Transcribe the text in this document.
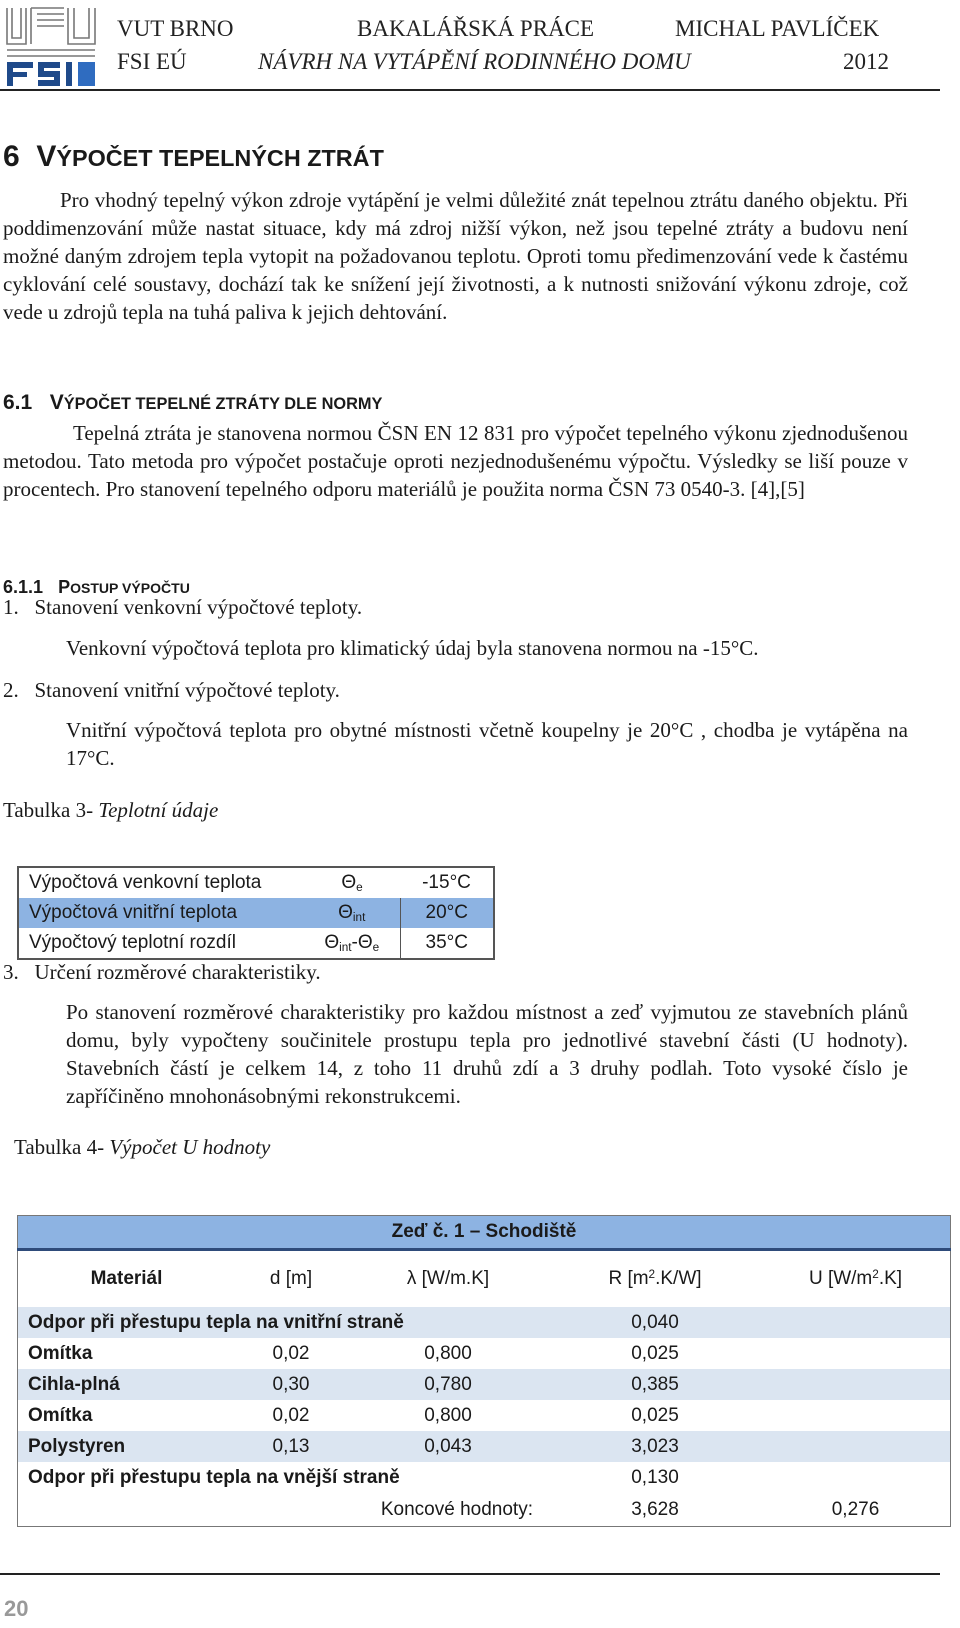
VUT BRNO
FSI EÚ
BAKALÁŘSKÁ PRÁCE
NÁVRH NA VYTÁPĚNÍ RODINNÉHO DOMU
MICHAL PAVLÍČEK
2012
6 VÝPOČET TEPELNÝCH ZTRÁT

Pro vhodný tepelný výkon zdroje vytápění je velmi důležité znát tepelnou ztrátu daného objektu. Při poddimenzování může nastat situace, kdy má zdroj nižší výkon, než jsou tepelné ztráty a budovu není možné daným zdrojem tepla vytopit na požadovanou teplotu. Oproti tomu předimenzování vede k častému cyklování celé soustavy, dochází tak ke snížení její životnosti, a k nutnosti snižování výkonu zdroje, což vede u zdrojů tepla na tuhá paliva k jejich dehtování.

6.1 VÝPOČET TEPELNÉ ZTRÁTY DLE NORMY

Tepelná ztráta je stanovena normou ČSN EN 12 831 pro výpočet tepelného výkonu zjednodušenou metodou. Tato metoda pro výpočet postačuje oproti nezjednodušenému výpočtu. Výsledky se liší pouze v procentech. Pro stanovení tepelného odporu materiálů je použita norma ČSN 73 0540-3. [4],[5]

6.1.1 POSTUP VÝPOČTU
1.   Stanovení venkovní výpočtové teploty.
Venkovní výpočtová teplota pro klimatický údaj byla stanovena normou na -15°C.
2.   Stanovení vnitřní výpočtové teploty.

Vnitřní výpočtová teplota pro obytné místnosti včetně koupelny je 20°C , chodba je vytápěna na   17°C.

Tabulka 3- Teplotní údaje
Výpočtová venkovní teplota	$\Theta_e$	-15°C
Výpočtová vnitřní teplota	$\Theta_{int}$	20°C
Výpočtový teplotní rozdíl	$\Theta_{int}-\Theta_e$	35°C
3.   Určení rozměrové charakteristiky.

Po stanovení rozměrové charakteristiky pro každou místnost a zeď vyjmutou ze stavebních plánů domu, byly vypočteny součinitele prostupu tepla pro jednotlivé stavební části (U hodnoty). Stavebních částí je celkem 14, z toho 11 druhů zdí a 3 druhy podlah. Toto vysoké číslo je zapříčiněno mnohonásobnými rekonstrukcemi.

Tabulka 4- Výpočet U hodnoty
Zeď č. 1 – Schodiště				
Materiál	d [m]	λ [W/m.K]	R $[m^2.K/W]$	U $[W/m^2.K]$
Odpor při přestupu tepla na vnitřní straně			0,040	
Omítka	0,02	0,800	0,025	
Cihla-plná	0,30	0,780	0,385	
Omítka	0,02	0,800	0,025	
Polystyren	0,13	0,043	3,023	
Odpor při přestupu tepla na vnější straně			0,130	
Koncové hodnoty:			3,628	0,276
20
